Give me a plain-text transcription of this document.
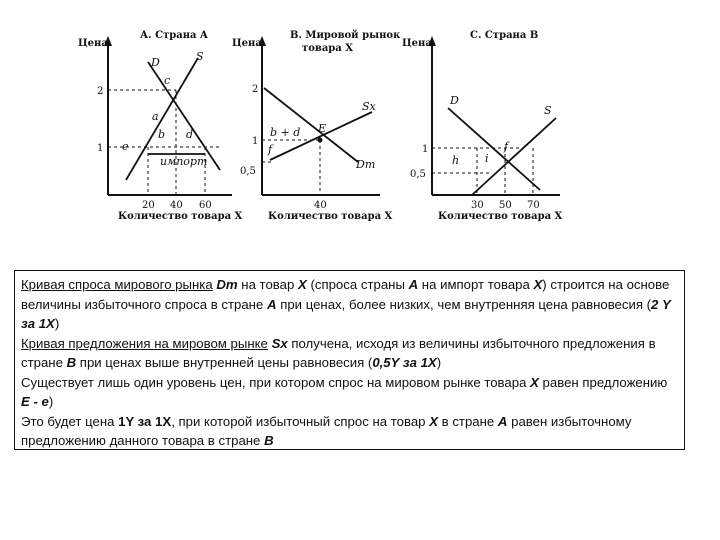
Цена
А. Страна A
D	S
c
a
b d
e
импорт
2
1
20 40 60
Количество товара X
Цена
В. Мировой рынок
товара X
Sx
Dm
b + d E
f
2
1
0,5
40
Количество товара X
Цена
С. Страна B
D
S
h i
f
1
0,5
30 50 70
Количество товара X

Кривая спроса мирового рынка Dm на товар X (спроса страны A на импорт товара X) строится на основе величины избыточного спроса в стране A при ценах, более низких, чем внутренняя цена равновесия (2 Y за 1X)

Кривая предложения на мировом рынке Sx получена, исходя из величины избыточного предложения в стране B при ценах выше внутренней цены равновесия (0,5Y за 1X)

Существует лишь один уровень цен, при котором спрос на мировом рынке товара X равен предложению E - e)

Это будет цена 1Y за 1X, при которой избыточный спрос на товар X в стране A равен избыточному предложению данного товара в стране B
